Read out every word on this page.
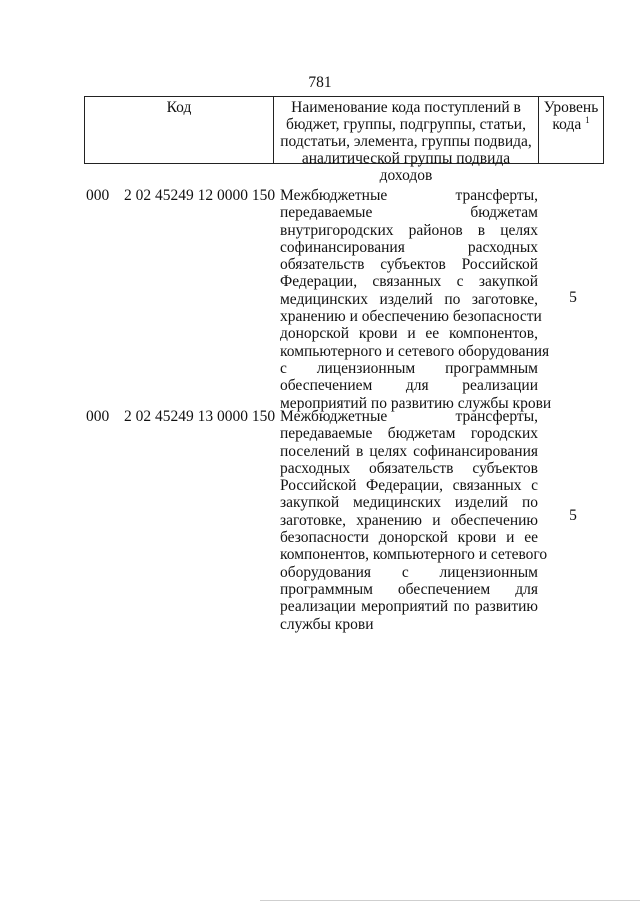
781
Код	Наименование кода поступлений в
бюджет, группы, подгруппы, статьи,
подстатьи, элемента, группы подвида,
аналитической группы подвида доходов
Уровень
кода $^1$
000 2 02 45249 12 0000 150 Межбюджетные трансферты,
передаваемые бюджетам
внутригородских районов в целях
софинансирования расходных
обязательств субъектов Российской
Федерации, связанных с закупкой
медицинских изделий по заготовке,
хранению и обеспечению безопасности
донорской крови и ее компонентов,
компьютерного и сетевого оборудования
с лицензионным программным
обеспечением для реализации
мероприятий по развитию службы крови
5
000 2 02 45249 13 0000 150 Межбюджетные трансферты,
передаваемые бюджетам городских
поселений в целях софинансирования
расходных обязательств субъектов
Российской Федерации, связанных с
закупкой медицинских изделий по
заготовке, хранению и обеспечению
безопасности донорской крови и ее
компонентов, компьютерного и сетевого
оборудования с лицензионным
программным обеспечением для
реализации мероприятий по развитию
службы крови
5
